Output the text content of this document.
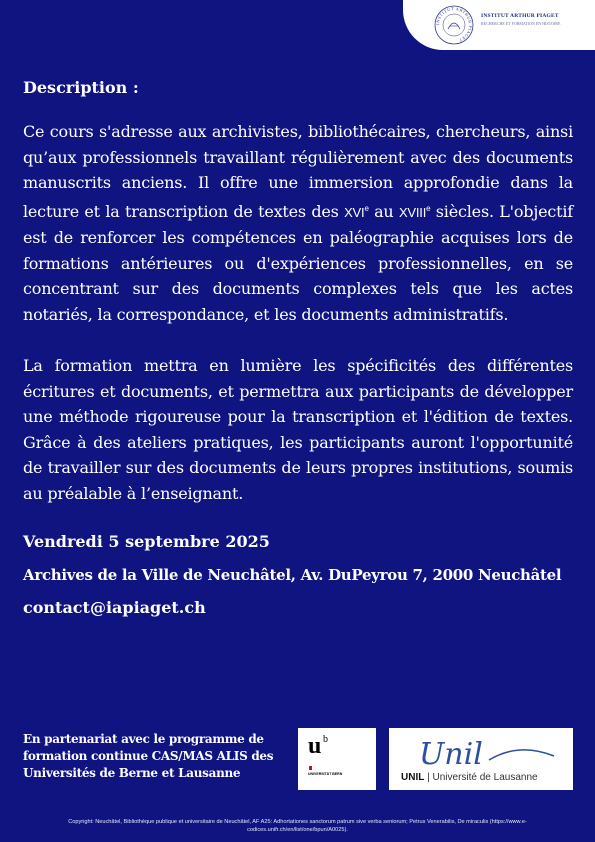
INSTITUT ARTHUR PIAGET
INSTITUT ARTHUR PIAGET
RECHERCHE ET FORMATION EN HISTOIRE
Description :

Ce cours s'adresse aux archivistes, bibliothécaires, chercheurs, ainsi qu’aux professionnels travaillant régulièrement avec des documents manuscrits anciens. Il offre une immersion approfondie dans la lecture et la transcription de textes des XVIe au XVIIIe siècles. L'objectif est de renforcer les compétences en paléographie acquises lors de formations antérieures ou d'expériences professionnelles, en se concentrant sur des documents complexes tels que les actes notariés, la correspondance, et les documents administratifs.

La formation mettra en lumière les spécificités des différentes écritures et documents, et permettra aux participants de développer une méthode rigoureuse pour la transcription et l'édition de textes. Grâce à des ateliers pratiques, les participants auront l'opportunité de travailler sur des documents de leurs propres institutions, soumis au préalable à l’enseignant.

Vendredi 5 septembre 2025

Archives de la Ville de Neuchâtel, Av. DuPeyrou 7, 2000 Neuchâtel

contact@iapiaget.ch

En partenariat avec le programme de formation continue CAS/MAS ALIS des Universités de Berne et Lausanne
u b
UNIVERSITÄT BERN
Unil
UNIL | Université de Lausanne
Copyright: Neuchâtel, Bibliothèque publique et universitaire de Neuchâtel, AF A25: Adhortationes sanctorum patrum sive verba seniorum; Petrus Venerabilis, De miraculis (https://www.e-codices.unifr.ch/en/list/one/bpun/A0025).
